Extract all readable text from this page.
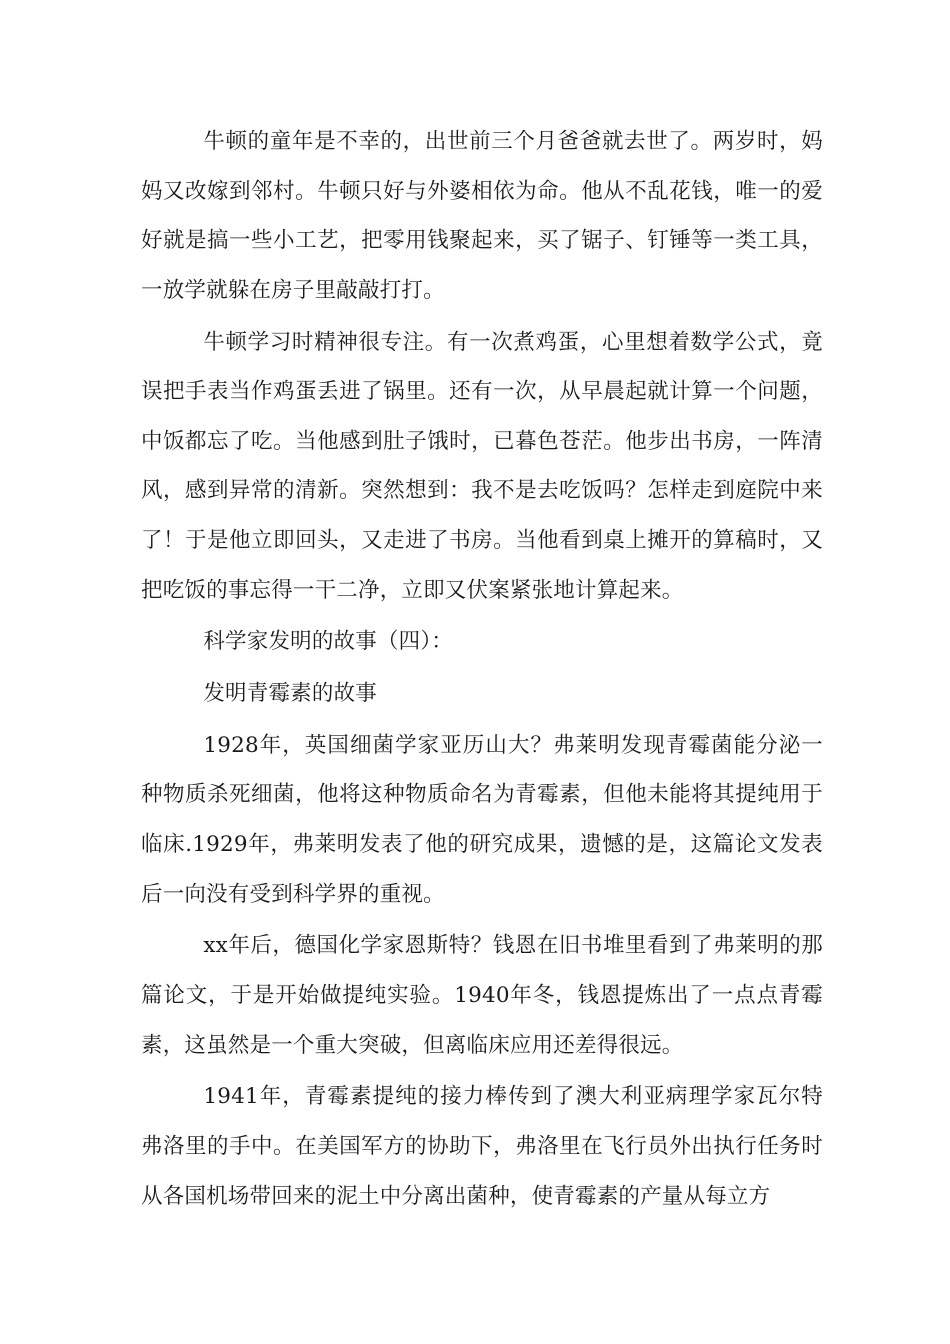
牛顿的童年是不幸的，出世前三个月爸爸就去世了。两岁时，妈妈又改嫁到邻村。牛顿只好与外婆相依为命。他从不乱花钱，唯一的爱好就是搞一些小工艺，把零用钱聚起来，买了锯子、钉锤等一类工具，一放学就躲在房子里敲敲打打。

牛顿学习时精神很专注。有一次煮鸡蛋，心里想着数学公式，竟误把手表当作鸡蛋丢进了锅里。还有一次，从早晨起就计算一个问题，中饭都忘了吃。当他感到肚子饿时，已暮色苍茫。他步出书房，一阵清风，感到异常的清新。突然想到：我不是去吃饭吗？怎样走到庭院中来了！于是他立即回头，又走进了书房。当他看到桌上摊开的算稿时，又把吃饭的事忘得一干二净，立即又伏案紧张地计算起来。

科学家发明的故事（四）：

发明青霉素的故事

1928年，英国细菌学家亚历山大？弗莱明发现青霉菌能分泌一种物质杀死细菌，他将这种物质命名为青霉素，但他未能将其提纯用于临床.1929年，弗莱明发表了他的研究成果，遗憾的是，这篇论文发表后一向没有受到科学界的重视。

xx年后，德国化学家恩斯特？钱恩在旧书堆里看到了弗莱明的那篇论文，于是开始做提纯实验。1940年冬，钱恩提炼出了一点点青霉素，这虽然是一个重大突破，但离临床应用还差得很远。

1941年，青霉素提纯的接力棒传到了澳大利亚病理学家瓦尔特弗洛里的手中。在美国军方的协助下，弗洛里在飞行员外出执行任务时从各国机场带回来的泥土中分离出菌种，使青霉素的产量从每立方
